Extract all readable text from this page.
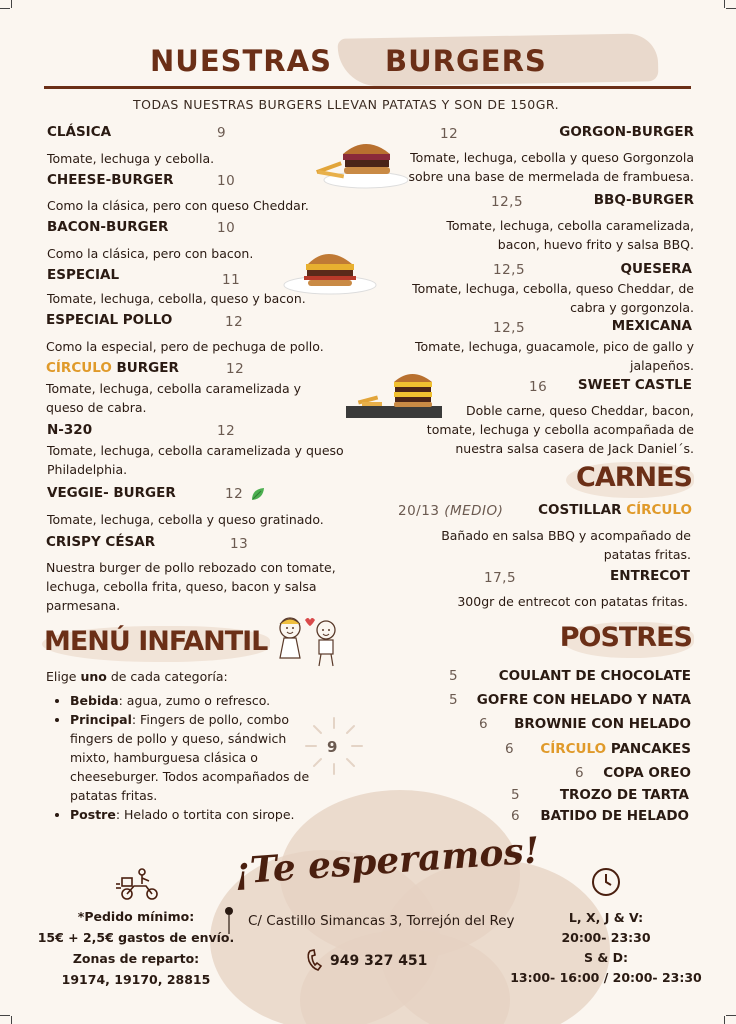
NUESTRAS BURGERS
TODAS NUESTRAS BURGERS LLEVAN PATATAS Y SON DE 150GR.
CLÁSICA	9
Tomate, lechuga y cebolla.
CHEESE-BURGER	10
Como la clásica, pero con queso Cheddar.
BACON-BURGER	10
Como la clásica, pero con bacon.
ESPECIAL	11
Tomate, lechuga, cebolla, queso y bacon.
ESPECIAL POLLO	12
Como la especial, pero de pechuga de pollo.
CÍRCULO BURGER	12
Tomate, lechuga, cebolla caramelizada y queso de cabra.
N-320	12
Tomate, lechuga, cebolla caramelizada y queso Philadelphia.
VEGGIE- BURGER	12
Tomate, lechuga, cebolla y queso gratinado.
CRISPY CÉSAR	13
Nuestra burger de pollo rebozado con tomate, lechuga, cebolla frita, queso, bacon y salsa parmesana.
12	GORGON-BURGER
Tomate, lechuga, cebolla y queso Gorgonzola sobre una base de mermelada de frambuesa.
12,5	BBQ-BURGER
Tomate, lechuga, cebolla caramelizada, bacon, huevo frito y salsa BBQ.
12,5	QUESERA
Tomate, lechuga, cebolla, queso Cheddar, de cabra y gorgonzola.
12,5	MEXICANA
Tomate, lechuga, guacamole, pico de gallo y jalapeños.
16 SWEET CASTLE
Doble carne, queso Cheddar, bacon, tomate, lechuga y cebolla acompañada de nuestra salsa casera de Jack Daniel´s.
CARNES
20/13 (MEDIO)	COSTILLAR CÍRCULO
Bañado en salsa BBQ y acompañado de patatas fritas.
17,5	ENTRECOT
300gr de entrecot con patatas fritas.
MENÚ INFANTIL
Elige uno de cada categoría:
• Bebida: agua, zumo o refresco.
• Principal: Fingers de pollo, combo fingers de pollo y queso, sándwich mixto, hamburguesa clásica o cheeseburger. Todos acompañados de patatas fritas.
• Postre: Helado o tortita con sirope.
9
POSTRES
5	COULANT DE CHOCOLATE
5 GOFRE CON HELADO Y NATA
6 BROWNIE CON HELADO
6 CÍRCULO PANCAKES
6 COPA OREO
5	TROZO DE TARTA
6 BATIDO DE HELADO
¡Te esperamos!
*Pedido mínimo:
15€ + 2,5€ gastos de envío.
Zonas de reparto:
19174, 19170, 28815
C/ Castillo Simancas 3, Torrejón del Rey
949 327 451
L, X, J & V:
20:00- 23:30
S & D:
13:00- 16:00 / 20:00- 23:30
